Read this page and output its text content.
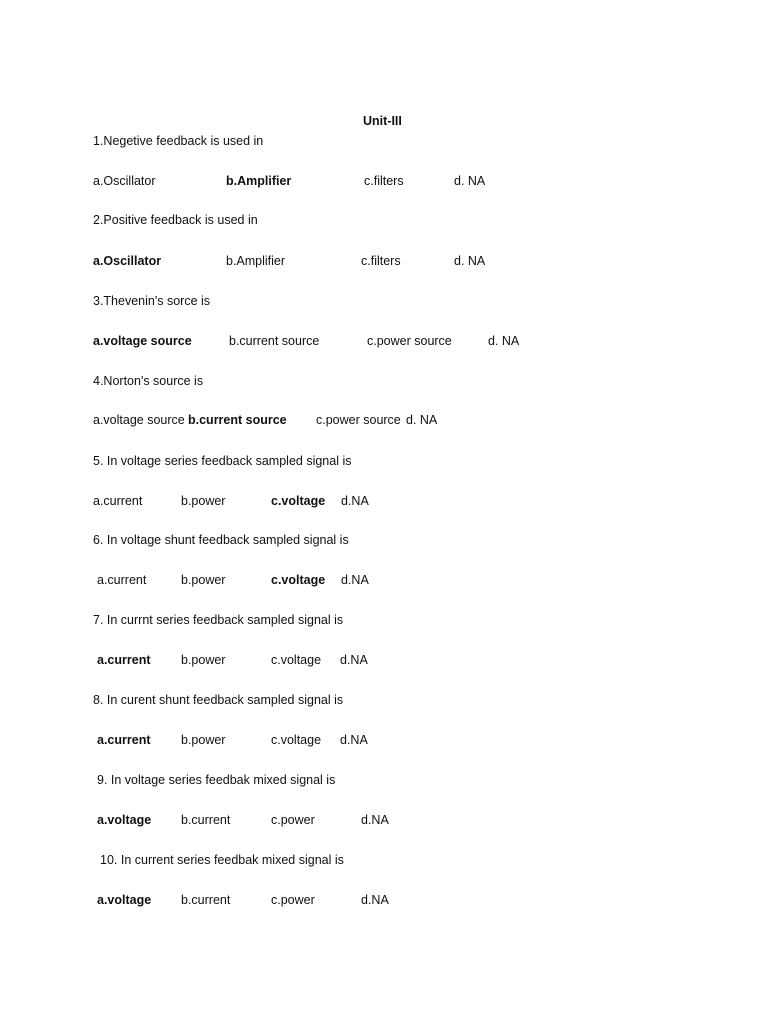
Unit-III
1.Negetive feedback is used in
a.Oscillator	b.Amplifier	c.filters	d. NA
2.Positive feedback is used in
a.Oscillator	b.Amplifier	c.filters	d. NA
3.Thevenin's sorce is
a.voltage source	b.current source	c.power source	d. NA
4.Norton's source is
a.voltage source b.current source c.power source d. NA
5. In voltage series feedback sampled signal is
a.current	b.power	c.voltage d.NA
6. In voltage shunt feedback sampled signal is
a.current	b.power	c.voltage d.NA
7. In currnt series feedback sampled signal is
a.current b.power	c.voltage d.NA
8. In curent shunt feedback sampled signal is
a.current b.power	c.voltage d.NA
9. In voltage series feedbak mixed signal is
a.voltage b.current	c.power	d.NA
10. In current series feedbak mixed signal is
a.voltage b.current	c.power	d.NA
